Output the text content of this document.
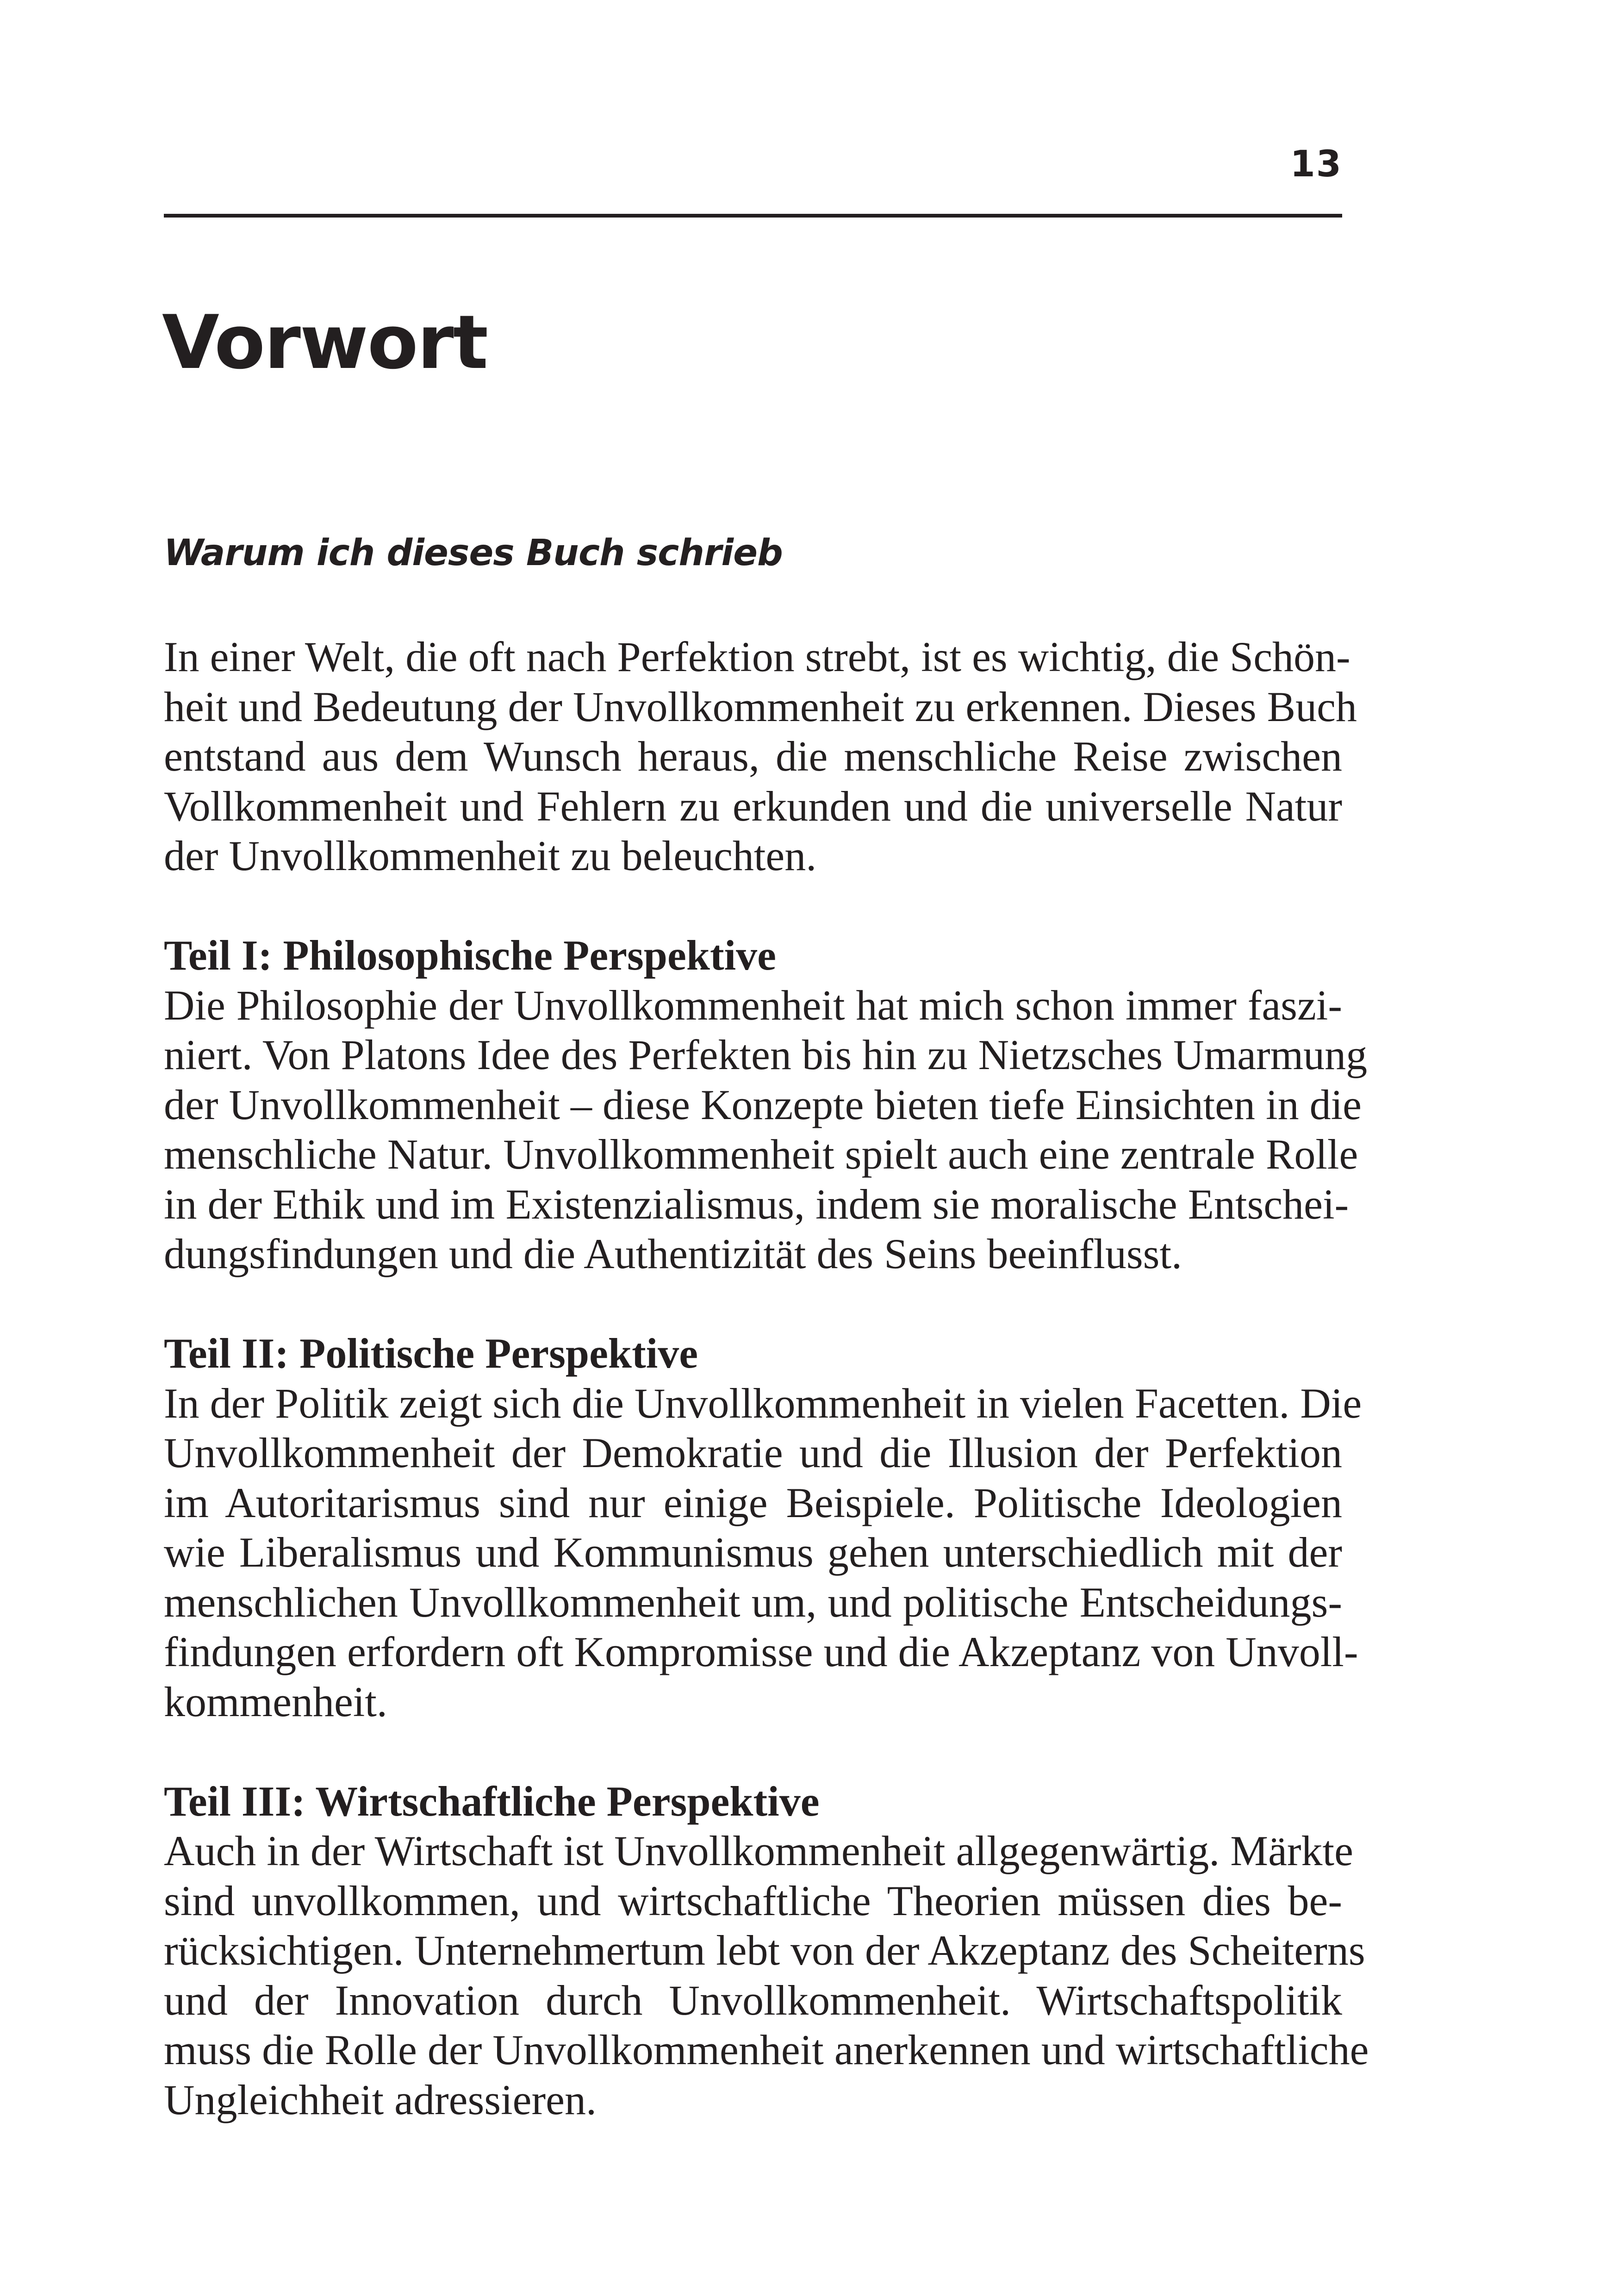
13
Vorwort
Warum ich dieses Buch schrieb

In einer Welt, die oft nach Perfektion strebt, ist es wichtig, die Schön-
heit und Bedeutung der Unvollkommenheit zu erkennen. Dieses Buch
entstand aus dem Wunsch heraus, die menschliche Reise zwischen
Vollkommenheit und Fehlern zu erkunden und die universelle Natur
der Unvollkommenheit zu beleuchten.

Teil I: Philosophische Perspektive
Die Philosophie der Unvollkommenheit hat mich schon immer faszi-
niert. Von Platons Idee des Perfekten bis hin zu Nietzsches Umarmung
der Unvollkommenheit – diese Konzepte bieten tiefe Einsichten in die
menschliche Natur. Unvollkommenheit spielt auch eine zentrale Rolle
in der Ethik und im Existenzialismus, indem sie moralische Entschei-
dungsfindungen und die Authentizität des Seins beeinflusst.

Teil II: Politische Perspektive
In der Politik zeigt sich die Unvollkommenheit in vielen Facetten. Die
Unvollkommenheit der Demokratie und die Illusion der Perfektion
im Autoritarismus sind nur einige Beispiele. Politische Ideologien
wie Liberalismus und Kommunismus gehen unterschiedlich mit der
menschlichen Unvollkommenheit um, und politische Entscheidungs-
findungen erfordern oft Kompromisse und die Akzeptanz von Unvoll-
kommenheit.

Teil III: Wirtschaftliche Perspektive
Auch in der Wirtschaft ist Unvollkommenheit allgegenwärtig. Märkte
sind unvollkommen, und wirtschaftliche Theorien müssen dies be-
rücksichtigen. Unternehmertum lebt von der Akzeptanz des Scheiterns
und der Innovation durch Unvollkommenheit. Wirtschaftspolitik
muss die Rolle der Unvollkommenheit anerkennen und wirtschaftliche
Ungleichheit adressieren.
